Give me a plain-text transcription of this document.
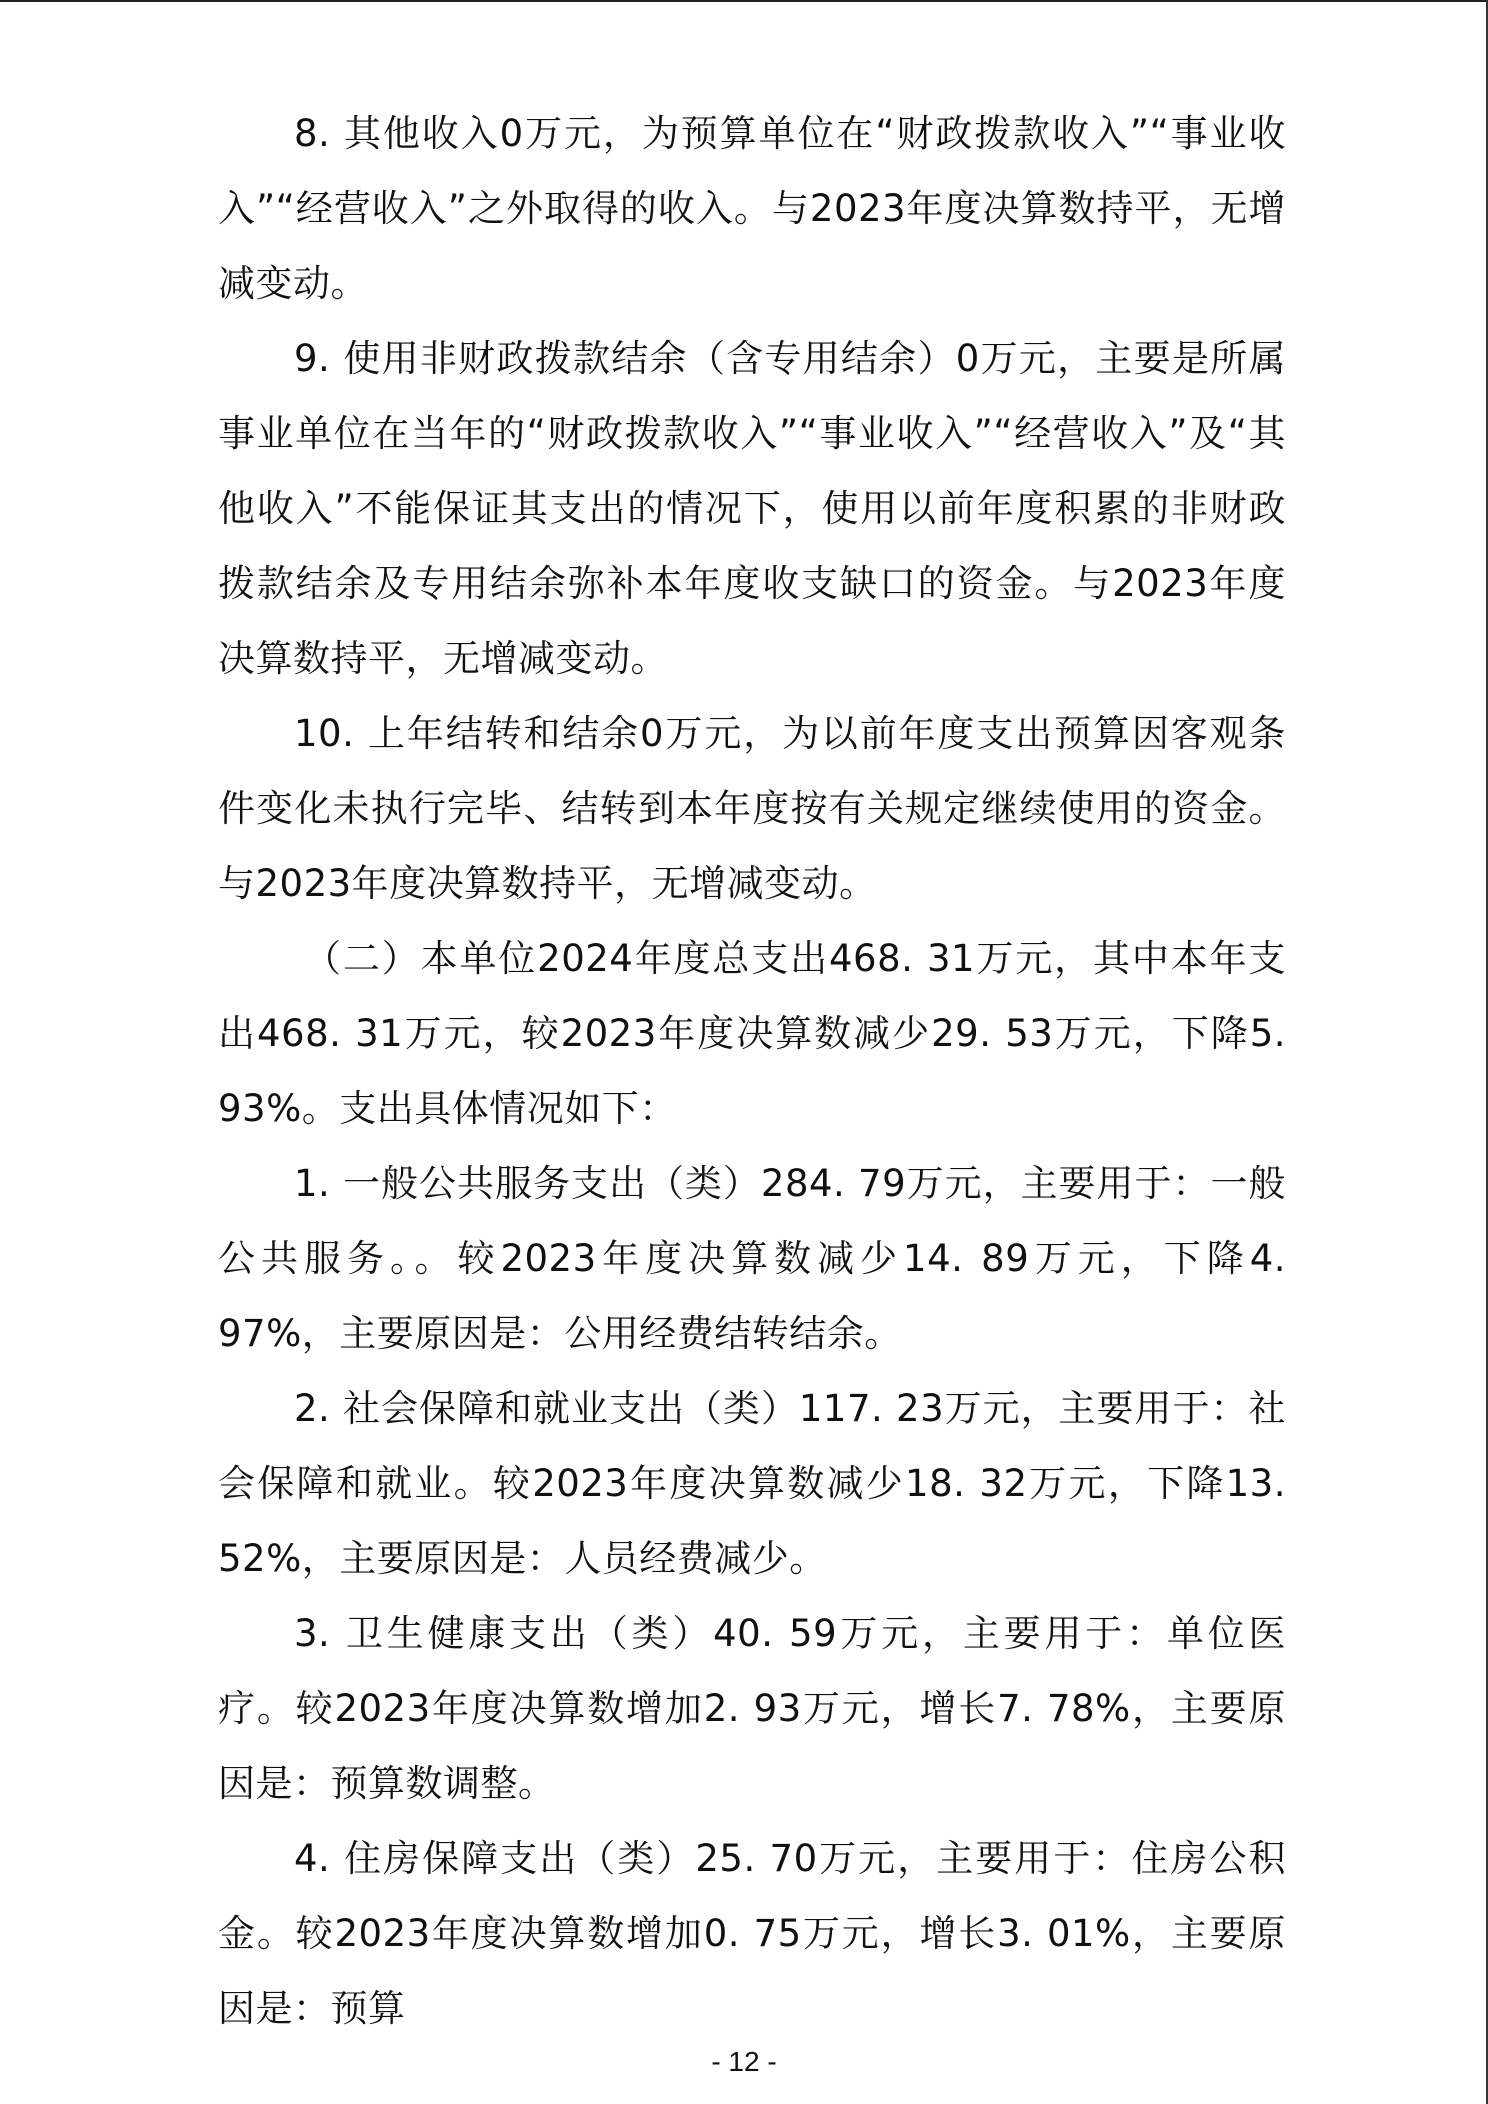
8. 其他收入0万元，为预算单位在“财政拨款收入”“事业收入”“经营收入”之外取得的收入。与2023年度决算数持平，无增减变动。

9. 使用非财政拨款结余（含专用结余）0万元，主要是所属事业单位在当年的“财政拨款收入”“事业收入”“经营收入”及“其他收入”不能保证其支出的情况下，使用以前年度积累的非财政拨款结余及专用结余弥补本年度收支缺口的资金。与2023年度决算数持平，无增减变动。

10. 上年结转和结余0万元，为以前年度支出预算因客观条件变化未执行完毕、结转到本年度按有关规定继续使用的资金。与2023年度决算数持平，无增减变动。

（二）本单位2024年度总支出468. 31万元，其中本年支出468. 31万元，较2023年度决算数减少29. 53万元，下降5. 93%。支出具体情况如下：

1. 一般公共服务支出（类）284. 79万元，主要用于：一般公共服务。。较2023年度决算数减少14. 89万元，下降4. 97%，主要原因是：公用经费结转结余。

2. 社会保障和就业支出（类）117. 23万元，主要用于：社会保障和就业。较2023年度决算数减少18. 32万元，下降13. 52%，主要原因是：人员经费减少。

3. 卫生健康支出（类）40. 59万元，主要用于：单位医疗。较2023年度决算数增加2. 93万元，增长7. 78%，主要原因是：预算数调整。

4. 住房保障支出（类）25. 70万元，主要用于：住房公积金。较2023年度决算数增加0. 75万元，增长3. 01%，主要原因是：预算

- 12 -
